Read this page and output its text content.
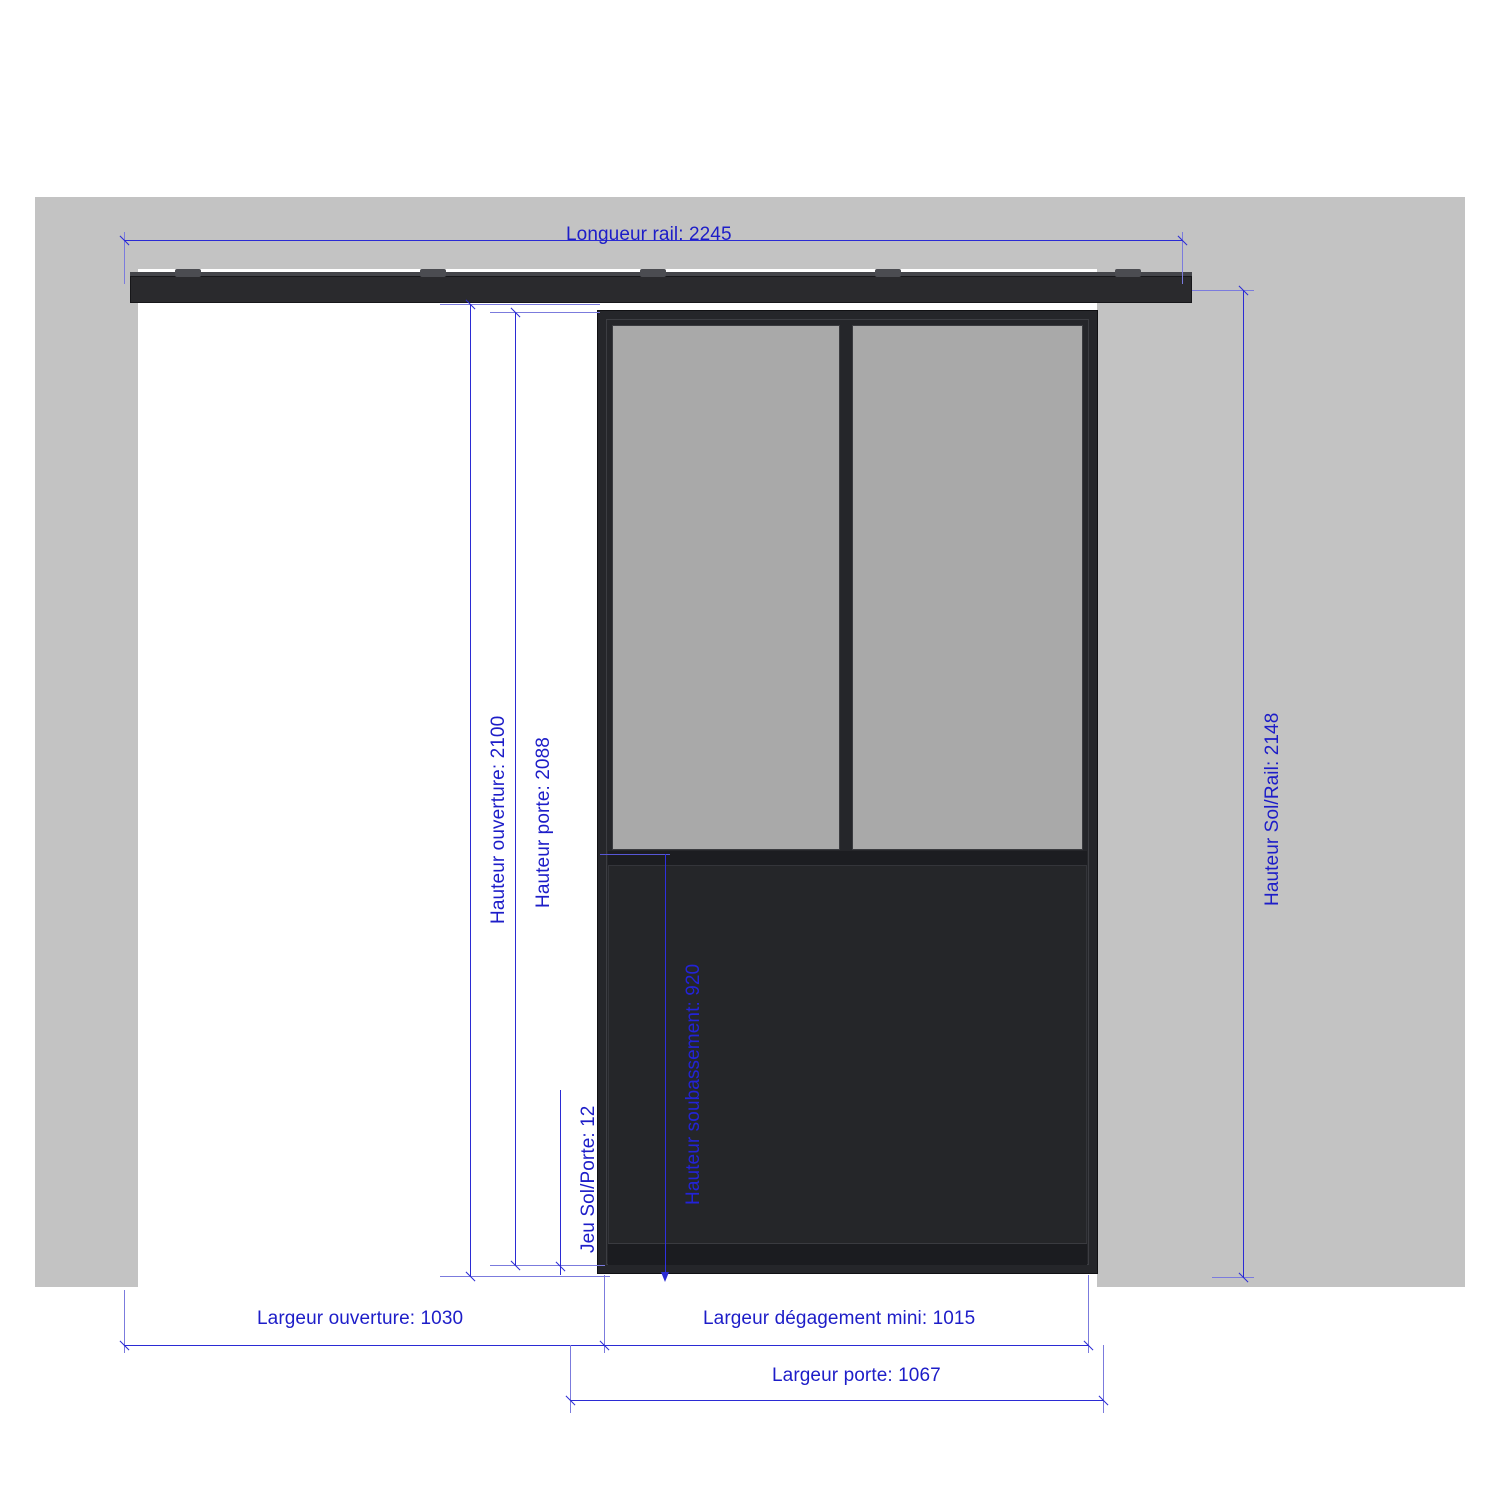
Longueur rail: 2245
Hauteur Sol/Rail: 2148
Hauteur ouverture: 2100 Hauteur porte: 2088
Jeu Sol/Porte: 12	Hauteur soubassement: 920
Largeur ouverture: 1030	Largeur dégagement mini: 1015
Largeur porte: 1067
